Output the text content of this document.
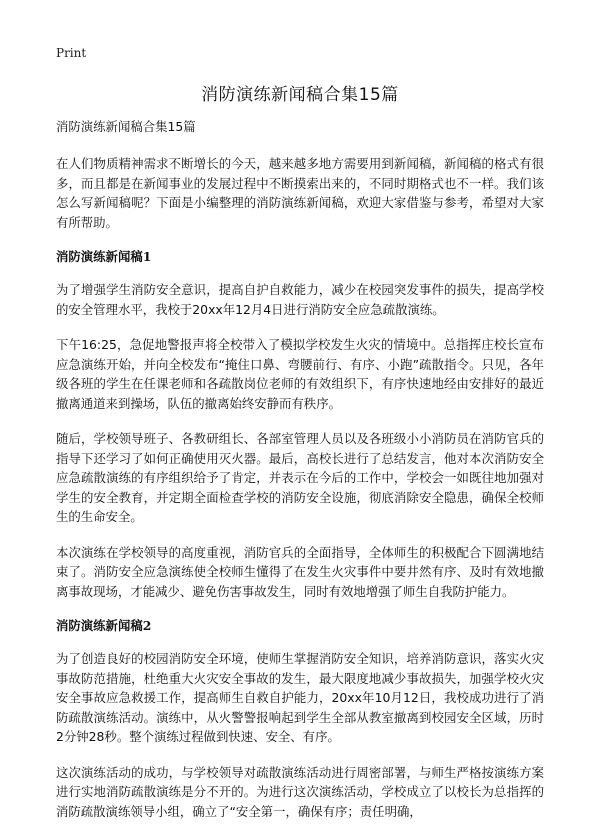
Print
消防演练新闻稿合集15篇

消防演练新闻稿合集15篇

在人们物质精神需求不断增长的今天，越来越多地方需要用到新闻稿，新闻稿的格式有很多，而且都是在新闻事业的发展过程中不断摸索出来的，不同时期格式也不一样。我们该怎么写新闻稿呢？下面是小编整理的消防演练新闻稿，欢迎大家借鉴与参考，希望对大家有所帮助。

消防演练新闻稿1

为了增强学生消防安全意识，提高自护自救能力，减少在校园突发事件的损失，提高学校的安全管理水平，我校于20xx年12月4日进行消防安全应急疏散演练。

下午16:25，急促地警报声将全校带入了模拟学校发生火灾的情境中。总指挥庄校长宣布应急演练开始，并向全校发布“掩住口鼻、弯腰前行、有序、小跑”疏散指令。只见，各年级各班的学生在任课老师和各疏散岗位老师的有效组织下，有序快速地经由安排好的最近撤离通道来到操场，队伍的撤离始终安静而有秩序。

随后，学校领导班子、各教研组长、各部室管理人员以及各班级小小消防员在消防官兵的指导下还学习了如何正确使用灭火器。最后，高校长进行了总结发言，他对本次消防安全应急疏散演练的有序组织给予了肯定，并表示在今后的工作中，学校会一如既往地加强对学生的安全教育，并定期全面检查学校的消防安全设施，彻底消除安全隐患，确保全校师生的生命安全。

本次演练在学校领导的高度重视，消防官兵的全面指导，全体师生的积极配合下圆满地结束了。消防安全应急演练使全校师生懂得了在发生火灾事件中要井然有序、及时有效地撤离事故现场，才能减少、避免伤害事故发生，同时有效地增强了师生自我防护能力。

消防演练新闻稿2

为了创造良好的校园消防安全环境，使师生掌握消防安全知识，培养消防意识，落实火灾事故防范措施，杜绝重大火灾安全事故的发生，最大限度地减少事故损失，加强学校火灾安全事故应急救援工作，提高师生自救自护能力，20xx年10月12日，我校成功进行了消防疏散演练活动。演练中，从火警警报响起到学生全部从教室撤离到校园安全区域，历时2分钟28秒。整个演练过程做到快速、安全、有序。

这次演练活动的成功，与学校领导对疏散演练活动进行周密部署，与师生严格按演练方案进行实地消防疏散演练是分不开的。为进行这次演练活动，学校成立了以校长为总指挥的消防疏散演练领导小组，确立了“安全第一，确保有序；责任明确，
